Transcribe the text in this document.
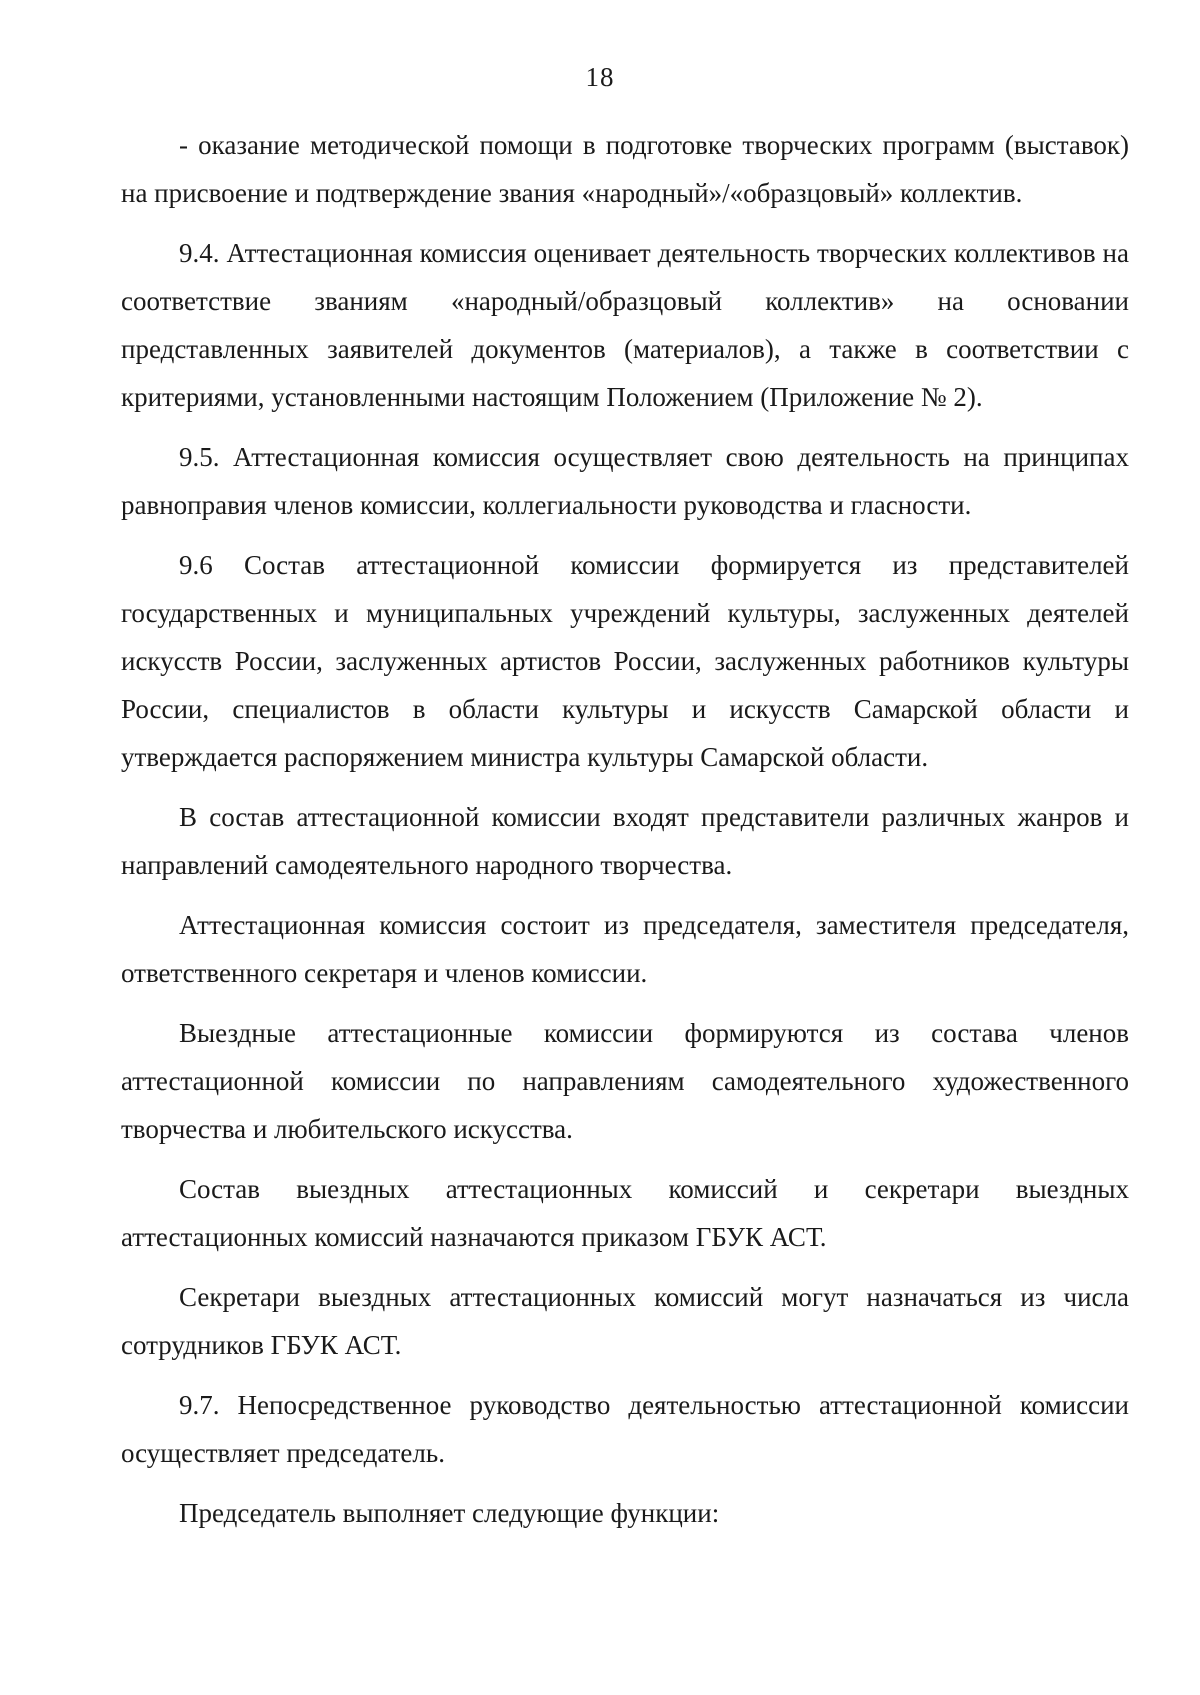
18

- оказание методической помощи в подготовке творческих программ (выставок) на присвоение и подтверждение звания «народный»/«образцовый» коллектив.

9.4. Аттестационная комиссия оценивает деятельность творческих коллективов на соответствие званиям «народный/образцовый коллектив» на основании представленных заявителей документов (материалов), а также в соответствии с критериями, установленными настоящим Положением (Приложение № 2).

9.5. Аттестационная комиссия осуществляет свою деятельность на принципах равноправия членов комиссии, коллегиальности руководства и гласности.

9.6 Состав аттестационной комиссии формируется из представителей государственных и муниципальных учреждений культуры, заслуженных деятелей искусств России, заслуженных артистов России, заслуженных работников культуры России, специалистов в области культуры и искусств Самарской области и утверждается распоряжением министра культуры Самарской области.

В состав аттестационной комиссии входят представители различных жанров и направлений самодеятельного народного творчества.

Аттестационная комиссия состоит из председателя, заместителя председателя, ответственного секретаря и членов комиссии.

Выездные аттестационные комиссии формируются из состава членов аттестационной комиссии по направлениям самодеятельного художественного творчества и любительского искусства.

Состав выездных аттестационных комиссий и секретари выездных аттестационных комиссий назначаются приказом ГБУК АСТ.

Секретари выездных аттестационных комиссий могут назначаться из числа сотрудников ГБУК АСТ.

9.7. Непосредственное руководство деятельностью аттестационной комиссии осуществляет председатель.

Председатель выполняет следующие функции:
